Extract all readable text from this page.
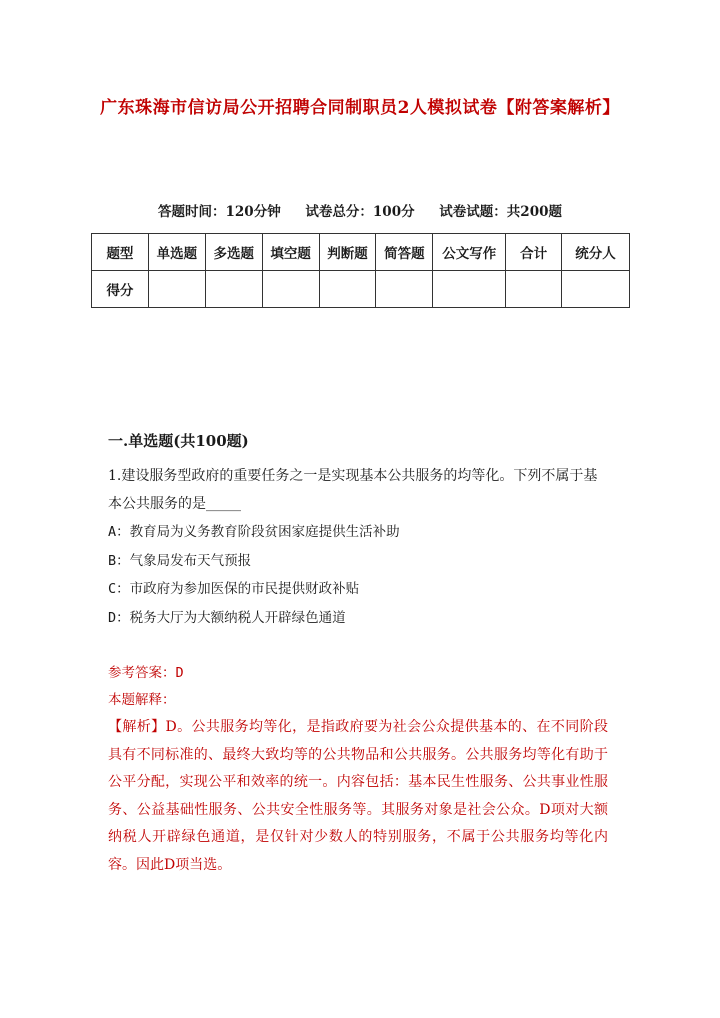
广东珠海市信访局公开招聘合同制职员2人模拟试卷【附答案解析】
答题时间：120分钟 试卷总分：100分 试卷试题：共200题
题型	单选题	多选题	填空题	判断题	简答题	公文写作	合计	统分人
得分								
一.单选题(共100题)
1.建设服务型政府的重要任务之一是实现基本公共服务的均等化。下列不属于基本公共服务的是_____
A：教育局为义务教育阶段贫困家庭提供生活补助
B：气象局发布天气预报
C：市政府为参加医保的市民提供财政补贴
D：税务大厅为大额纳税人开辟绿色通道
参考答案：D
本题解释：
【解析】D。公共服务均等化，是指政府要为社会公众提供基本的、在不同阶段具有不同标准的、最终大致均等的公共物品和公共服务。公共服务均等化有助于公平分配，实现公平和效率的统一。内容包括：基本民生性服务、公共事业性服务、公益基础性服务、公共安全性服务等。其服务对象是社会公众。D项对大额纳税人开辟绿色通道，是仅针对少数人的特别服务，不属于公共服务均等化内容。因此D项当选。
